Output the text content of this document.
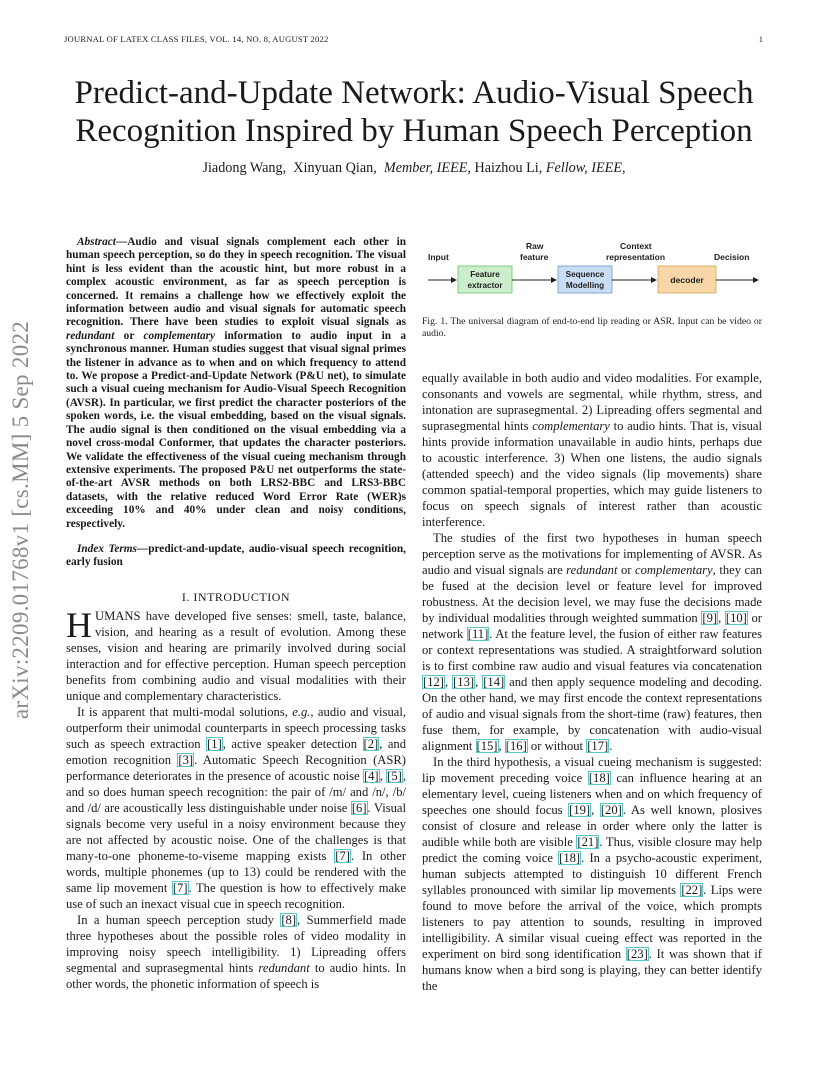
JOURNAL OF LATEX CLASS FILES, VOL. 14, NO. 8, AUGUST 2022	1
arXiv:2209.01768v1 [cs.MM] 5 Sep 2022
Predict-and-Update Network: Audio-Visual Speech
Recognition Inspired by Human Speech Perception
Jiadong Wang, Xinyuan Qian, Member, IEEE, Haizhou Li, Fellow, IEEE,

Abstract—Audio and visual signals complement each other in human speech perception, so do they in speech recognition. The visual hint is less evident than the acoustic hint, but more robust in a complex acoustic environment, as far as speech perception is concerned. It remains a challenge how we effectively exploit the information between audio and visual signals for automatic speech recognition. There have been studies to exploit visual signals as redundant or complementary information to audio input in a synchronous manner. Human studies suggest that visual signal primes the listener in advance as to when and on which frequency to attend to. We propose a Predict-and-Update Network (P&U net), to simulate such a visual cueing mechanism for Audio-Visual Speech Recognition (AVSR). In particular, we first predict the character posteriors of the spoken words, i.e. the visual embedding, based on the visual signals. The audio signal is then conditioned on the visual embedding via a novel cross-modal Conformer, that updates the character posteriors. We validate the effectiveness of the visual cueing mechanism through extensive experiments. The proposed P&U net outperforms the state-of-the-art AVSR methods on both LRS2-BBC and LRS3-BBC datasets, with the relative reduced Word Error Rate (WER)s exceeding 10% and 40% under clean and noisy conditions, respectively.

Index Terms—predict-and-update, audio-visual speech recognition, early fusion

I. INTRODUCTION

HUMANS have developed five senses: smell, taste, balance, vision, and hearing as a result of evolution. Among these senses, vision and hearing are primarily involved during social interaction and for effective perception. Human speech perception benefits from combining audio and visual modalities with their unique and complementary characteristics.

It is apparent that multi-modal solutions, e.g., audio and visual, outperform their unimodal counterparts in speech processing tasks such as speech extraction [1], active speaker detection [2], and emotion recognition [3]. Automatic Speech Recognition (ASR) performance deteriorates in the presence of acoustic noise [4], [5], and so does human speech recognition: the pair of /m/ and /n/, /b/ and /d/ are acoustically less distinguishable under noise [6]. Visual signals become very useful in a noisy environment because they are not affected by acoustic noise. One of the challenges is that many-to-one phoneme-to-viseme mapping exists [7]. In other words, multiple phonemes (up to 13) could be rendered with the same lip movement [7]. The question is how to effectively make use of such an inexact visual cue in speech recognition.

In a human speech perception study [8], Summerfield made three hypotheses about the possible roles of video modality in improving noisy speech intelligibility. 1) Lipreading offers segmental and suprasegmental hints redundant to audio hints. In other words, the phonetic information of speech is

Input
Raw
feature
Context
representation	Decision
Feature
extractor
Sequence
Modelling
decoder
Fig. 1. The universal diagram of end-to-end lip reading or ASR. Input can be video or audio.

equally available in both audio and video modalities. For example, consonants and vowels are segmental, while rhythm, stress, and intonation are suprasegmental. 2) Lipreading offers segmental and suprasegmental hints complementary to audio hints. That is, visual hints provide information unavailable in audio hints, perhaps due to acoustic interference. 3) When one listens, the audio signals (attended speech) and the video signals (lip movements) share common spatial-temporal properties, which may guide listeners to focus on speech signals of interest rather than acoustic interference.

The studies of the first two hypotheses in human speech perception serve as the motivations for implementing of AVSR. As audio and visual signals are redundant or complementary, they can be fused at the decision level or feature level for improved robustness. At the decision level, we may fuse the decisions made by individual modalities through weighted summation [9], [10] or network [11]. At the feature level, the fusion of either raw features or context representations was studied. A straightforward solution is to first combine raw audio and visual features via concatenation [12], [13], [14] and then apply sequence modeling and decoding. On the other hand, we may first encode the context representations of audio and visual signals from the short-time (raw) features, then fuse them, for example, by concatenation with audio-visual alignment [15], [16] or without [17].

In the third hypothesis, a visual cueing mechanism is suggested: lip movement preceding voice [18] can influence hearing at an elementary level, cueing listeners when and on which frequency of speeches one should focus [19], [20]. As well known, plosives consist of closure and release in order where only the latter is audible while both are visible [21]. Thus, visible closure may help predict the coming voice [18]. In a psycho-acoustic experiment, human subjects attempted to distinguish 10 different French syllables pronounced with similar lip movements [22]. Lips were found to move before the arrival of the voice, which prompts listeners to pay attention to sounds, resulting in improved intelligibility. A similar visual cueing effect was reported in the experiment on bird song identification [23]. It was shown that if humans know when a bird song is playing, they can better identify the
